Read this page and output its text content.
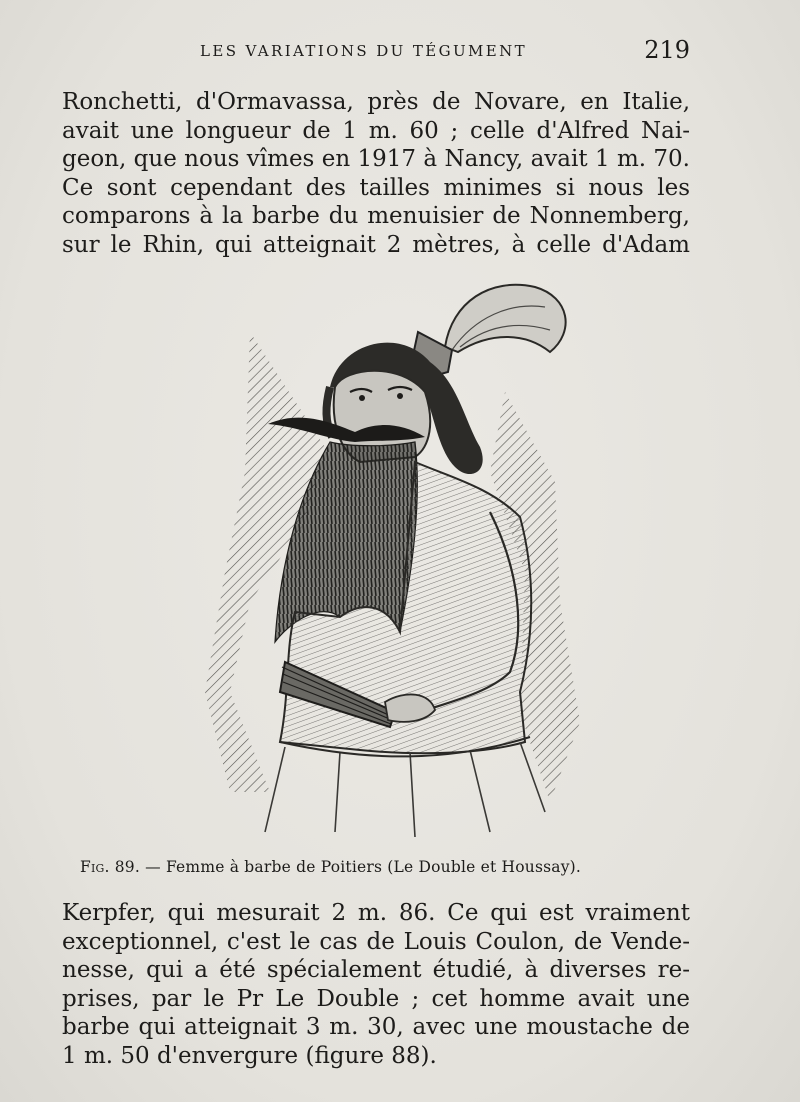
LES VARIATIONS DU TÉGUMENT	219
Ronchetti, d'Ormavassa, près de Novare, en Italie,
avait une longueur de 1 m. 60 ; celle d'Alfred Nai-
geon, que nous vîmes en 1917 à Nancy, avait 1 m. 70.
Ce sont cependant des tailles minimes si nous les
comparons à la barbe du menuisier de Nonnemberg,
sur le Rhin, qui atteignait 2 mètres, à celle d'Adam
Fig. 89. — Femme à barbe de Poitiers (Le Double et Houssay).
Kerpfer, qui mesurait 2 m. 86. Ce qui est vraiment
exceptionnel, c'est le cas de Louis Coulon, de Vende-
nesse, qui a été spécialement étudié, à diverses re-
prises, par le Pr Le Double ; cet homme avait une
barbe qui atteignait 3 m. 30, avec une moustache de
1 m. 50 d'envergure (figure 88).
